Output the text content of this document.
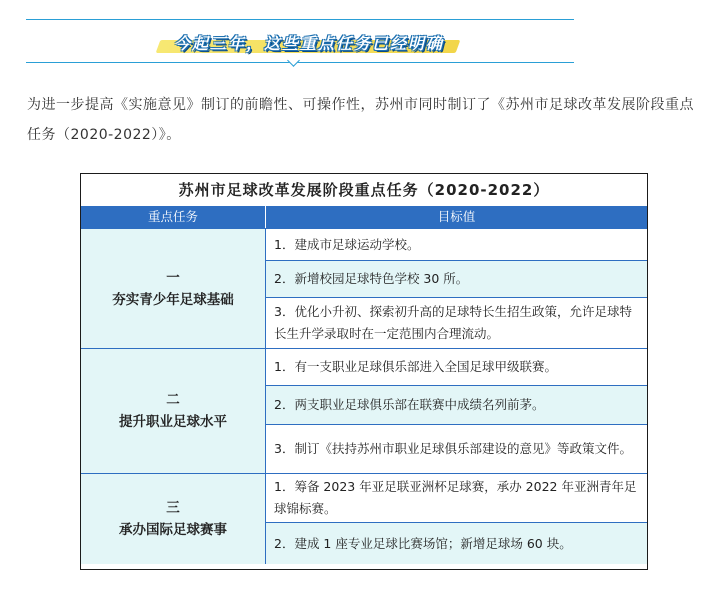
今起三年，这些重点任务已经明确
为进一步提高《实施意见》制订的前瞻性、可操作性，苏州市同时制订了《苏州市足球改革发展阶段重点任务（2020-2022）》。
苏州市足球改革发展阶段重点任务（2020-2022）
重点任务	目标值
一
夯实青少年足球基础
1．建成市足球运动学校。
2．新增校园足球特色学校 30 所。
3．优化小升初、探索初升高的足球特长生招生政策，允许足球特长生升学录取时在一定范围内合理流动。
二
提升职业足球水平
1．有一支职业足球俱乐部进入全国足球甲级联赛。
2．两支职业足球俱乐部在联赛中成绩名列前茅。
3．制订《扶持苏州市职业足球俱乐部建设的意见》等政策文件。
三
承办国际足球赛事
1．筹备 2023 年亚足联亚洲杯足球赛，承办 2022 年亚洲青年足球锦标赛。
2．建成 1 座专业足球比赛场馆；新增足球场 60 块。
